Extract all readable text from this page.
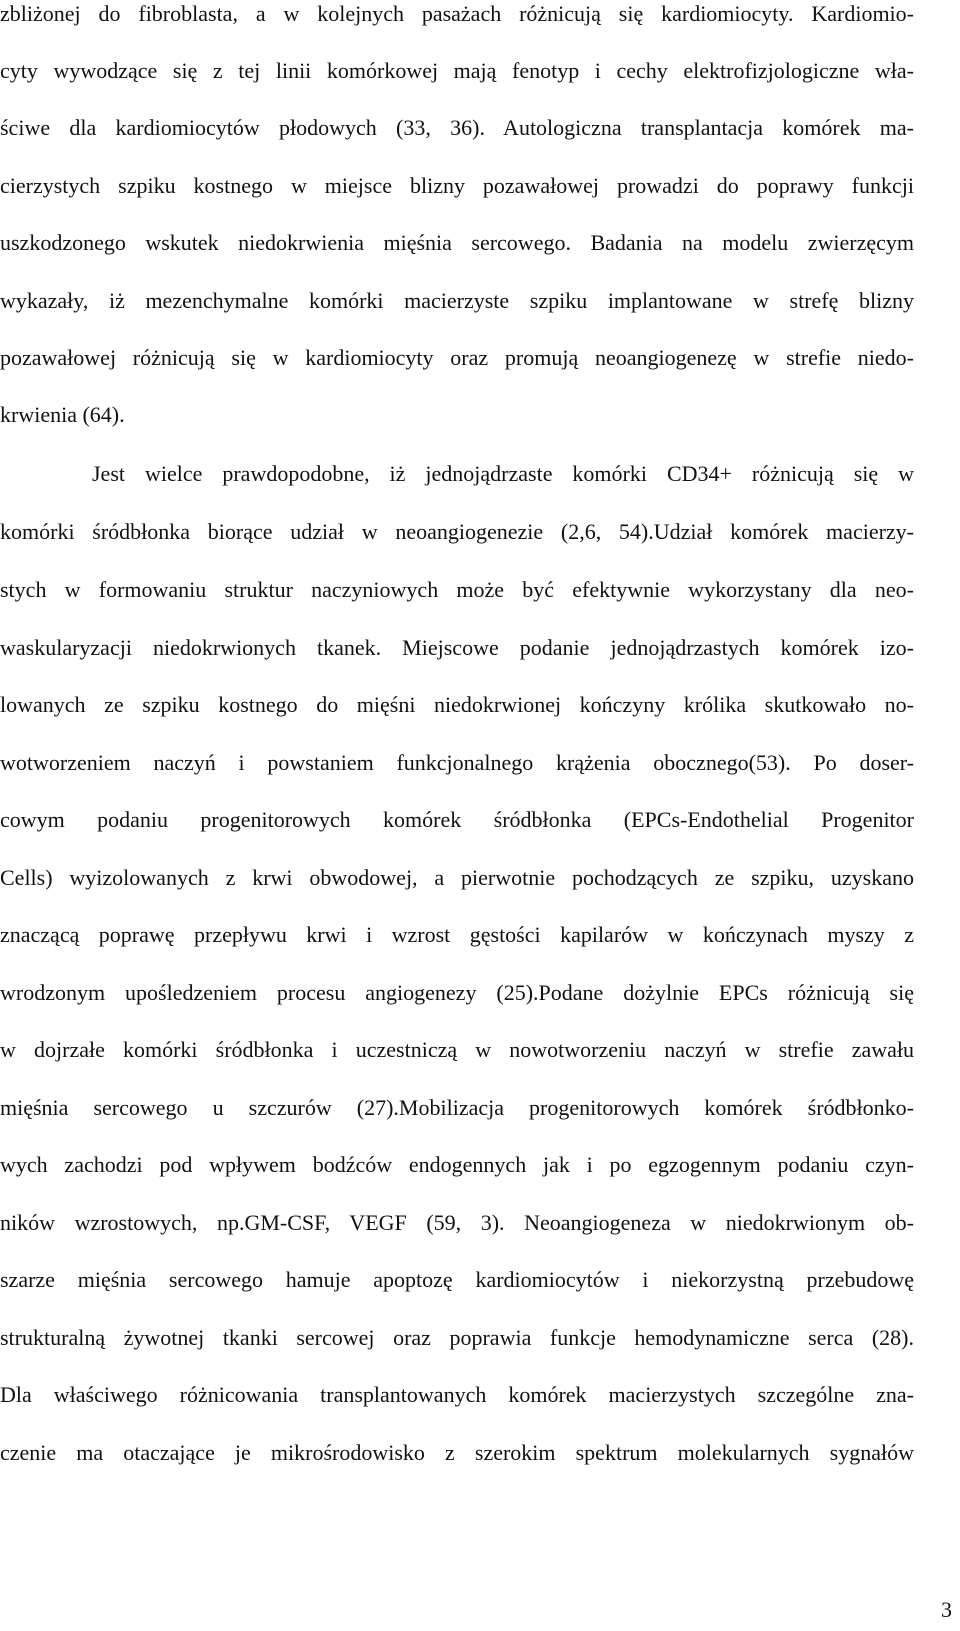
zbliżonej do fibroblasta, a w kolejnych pasażach różnicują się kardiomiocyty. Kardiomio-
cyty wywodzące się z tej linii komórkowej mają fenotyp i cechy elektrofizjologiczne wła-
ściwe dla kardiomiocytów płodowych (33, 36). Autologiczna transplantacja komórek ma-
cierzystych szpiku kostnego w miejsce blizny pozawałowej prowadzi do poprawy funkcji
uszkodzonego wskutek niedokrwienia mięśnia sercowego. Badania na modelu zwierzęcym
wykazały, iż mezenchymalne komórki macierzyste szpiku implantowane w strefę blizny
pozawałowej różnicują się w kardiomiocyty oraz promują neoangiogenezę w strefie niedo-
krwienia (64).
Jest wielce prawdopodobne, iż jednojądrzaste komórki CD34+ różnicują się w
komórki śródbłonka biorące udział w neoangiogenezie (2,6, 54).Udział komórek macierzy-
stych w formowaniu struktur naczyniowych może być efektywnie wykorzystany dla neo-
waskularyzacji niedokrwionych tkanek. Miejscowe podanie jednojądrzastych komórek izo-
lowanych ze szpiku kostnego do mięśni niedokrwionej kończyny królika skutkowało no-
wotworzeniem naczyń i powstaniem funkcjonalnego krążenia obocznego(53). Po doser-
cowym podaniu progenitorowych komórek śródbłonka (EPCs-Endothelial Progenitor
Cells) wyizolowanych z krwi obwodowej, a pierwotnie pochodzących ze szpiku, uzyskano
znaczącą poprawę przepływu krwi i wzrost gęstości kapilarów w kończynach myszy z
wrodzonym upośledzeniem procesu angiogenezy (25).Podane dożylnie EPCs różnicują się
w dojrzałe komórki śródbłonka i uczestniczą w nowotworzeniu naczyń w strefie zawału
mięśnia sercowego u szczurów (27).Mobilizacja progenitorowych komórek śródbłonko-
wych zachodzi pod wpływem bodźców endogennych jak i po egzogennym podaniu czyn-
ników wzrostowych, np.GM-CSF, VEGF (59, 3). Neoangiogeneza w niedokrwionym ob-
szarze mięśnia sercowego hamuje apoptozę kardiomiocytów i niekorzystną przebudowę
strukturalną żywotnej tkanki sercowej oraz poprawia funkcje hemodynamiczne serca (28).
Dla właściwego różnicowania transplantowanych komórek macierzystych szczególne zna-
czenie ma otaczające je mikrośrodowisko z szerokim spektrum molekularnych sygnałów
3
